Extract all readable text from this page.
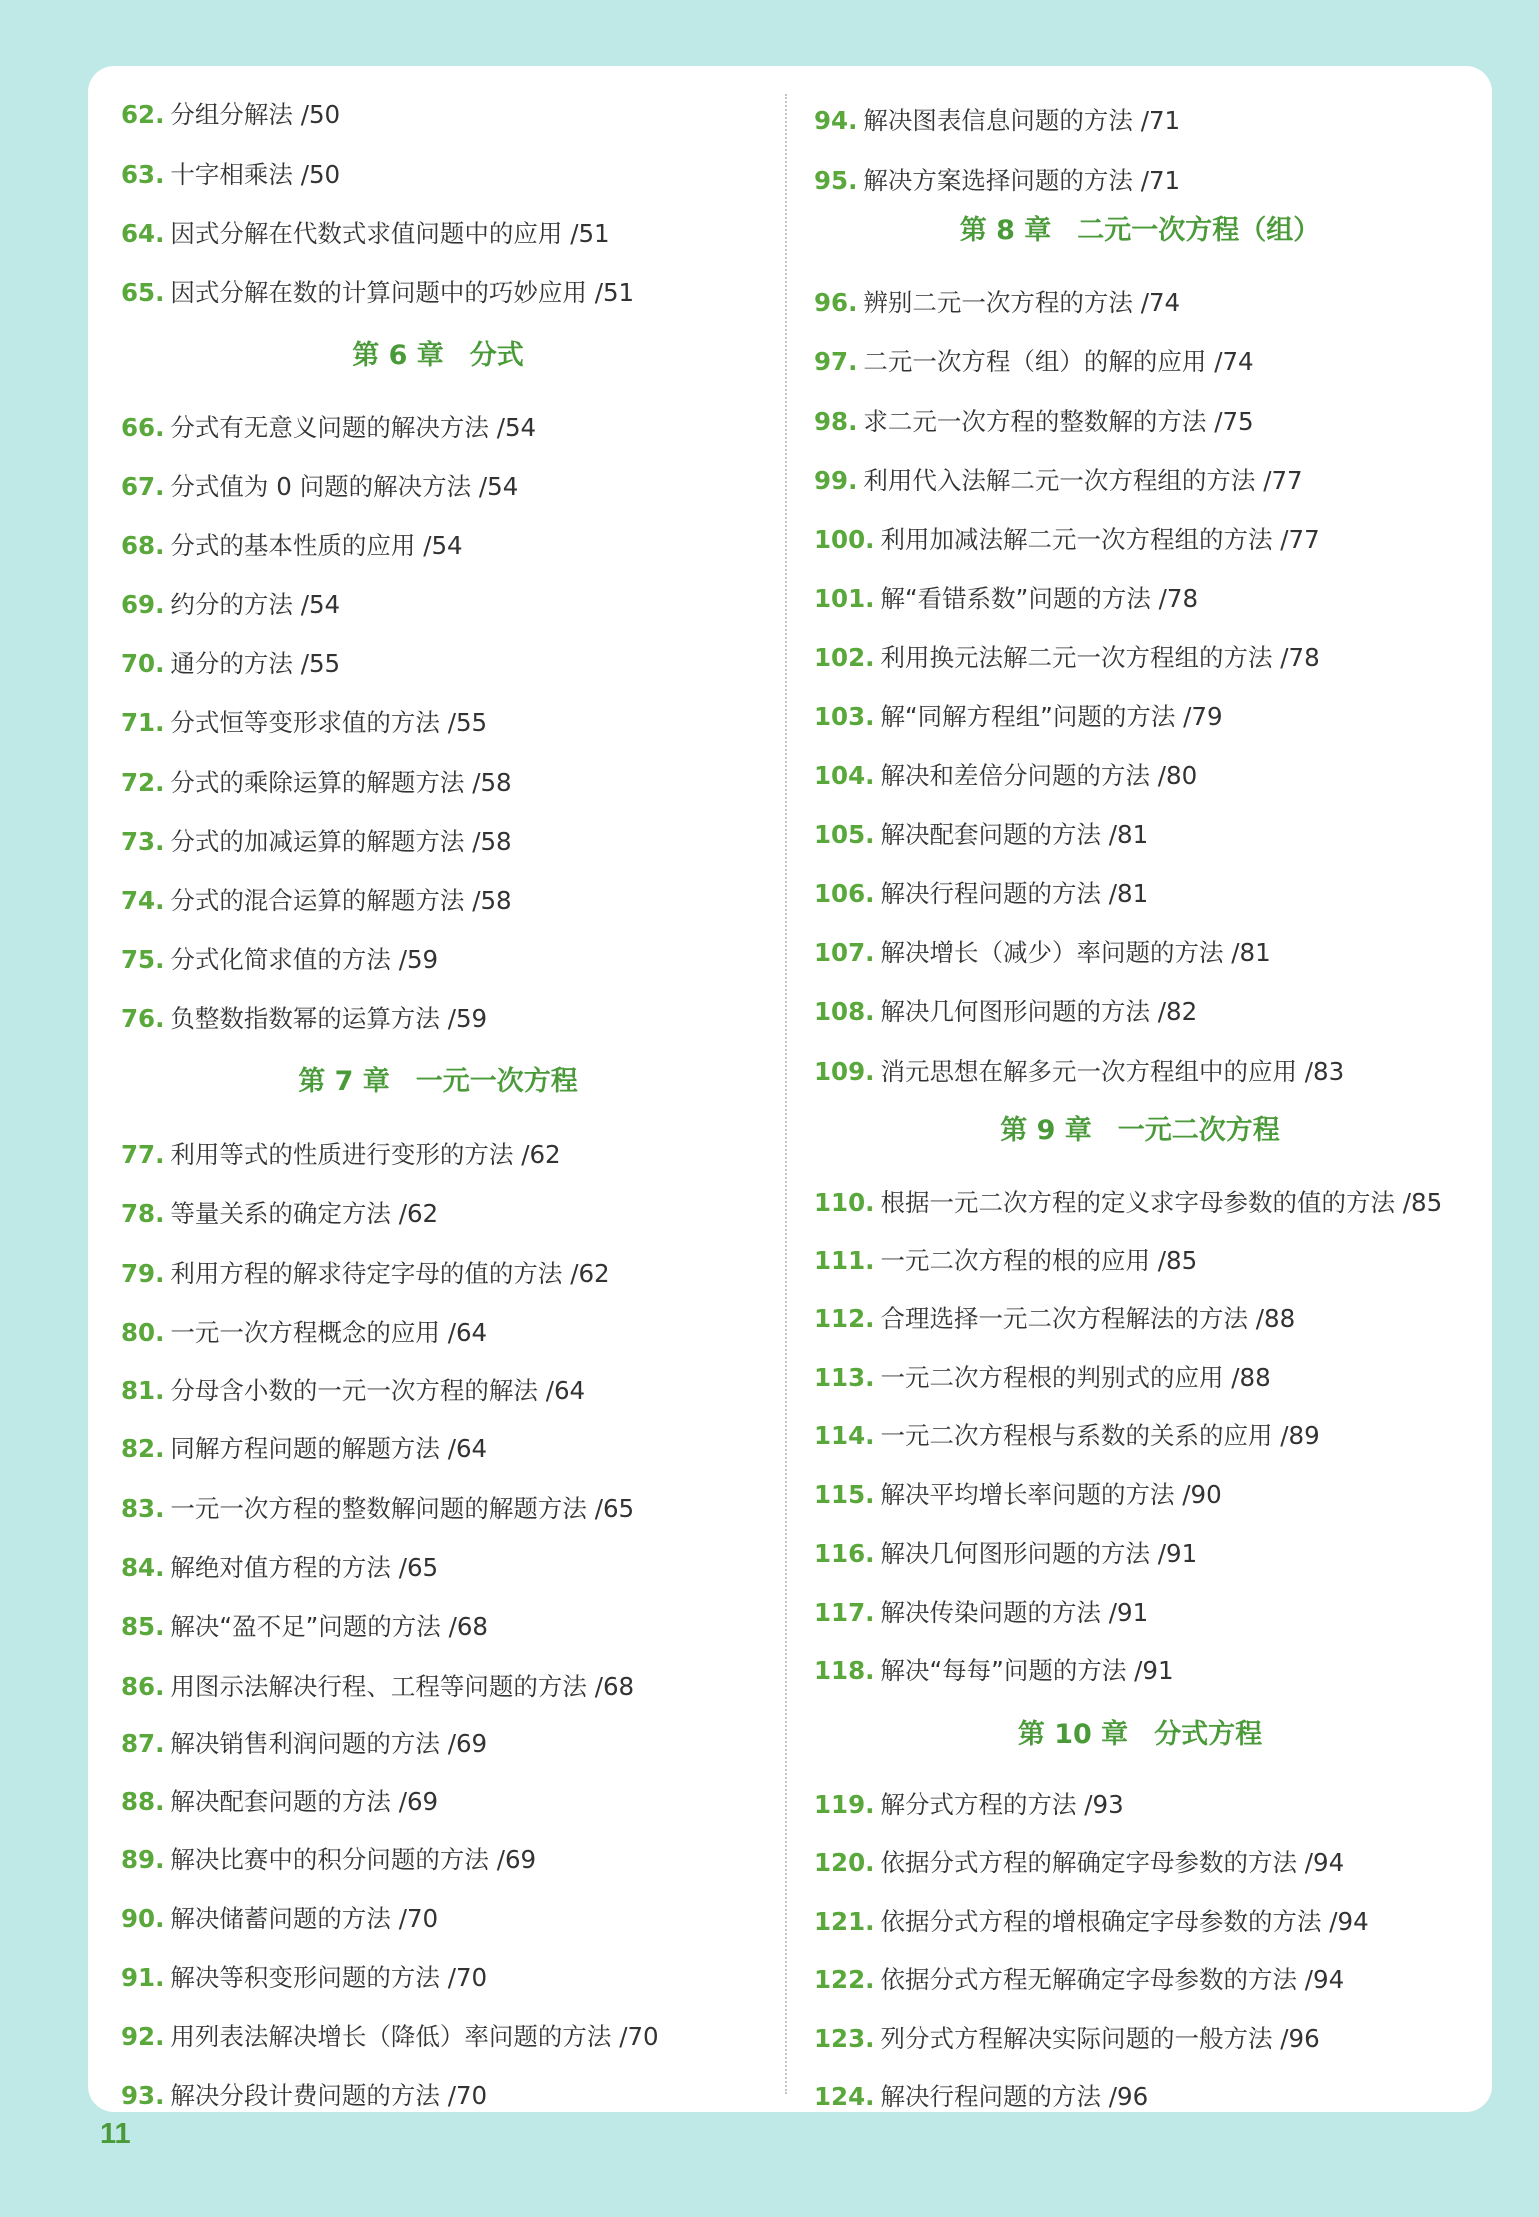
62. 分组分解法 /50
63. 十字相乘法 /50
64. 因式分解在代数式求值问题中的应用 /51
65. 因式分解在数的计算问题中的巧妙应用 /51
第 6 章 分式
66. 分式有无意义问题的解决方法 /54
67. 分式值为 0 问题的解决方法 /54
68. 分式的基本性质的应用 /54
69. 约分的方法 /54
70. 通分的方法 /55
71. 分式恒等变形求值的方法 /55
72. 分式的乘除运算的解题方法 /58
73. 分式的加减运算的解题方法 /58
74. 分式的混合运算的解题方法 /58
75. 分式化简求值的方法 /59
76. 负整数指数幂的运算方法 /59
第 7 章 一元一次方程
77. 利用等式的性质进行变形的方法 /62
78. 等量关系的确定方法 /62
79. 利用方程的解求待定字母的值的方法 /62
80. 一元一次方程概念的应用 /64
81. 分母含小数的一元一次方程的解法 /64
82. 同解方程问题的解题方法 /64
83. 一元一次方程的整数解问题的解题方法 /65
84. 解绝对值方程的方法 /65
85. 解决“盈不足”问题的方法 /68
86. 用图示法解决行程、工程等问题的方法 /68
87. 解决销售利润问题的方法 /69
88. 解决配套问题的方法 /69
89. 解决比赛中的积分问题的方法 /69
90. 解决储蓄问题的方法 /70
91. 解决等积变形问题的方法 /70
92. 用列表法解决增长（降低）率问题的方法 /70
93. 解决分段计费问题的方法 /70
94. 解决图表信息问题的方法 /71
95. 解决方案选择问题的方法 /71
第 8 章 二元一次方程（组）
96. 辨别二元一次方程的方法 /74
97. 二元一次方程（组）的解的应用 /74
98. 求二元一次方程的整数解的方法 /75
99. 利用代入法解二元一次方程组的方法 /77
100. 利用加减法解二元一次方程组的方法 /77
101. 解“看错系数”问题的方法 /78
102. 利用换元法解二元一次方程组的方法 /78
103. 解“同解方程组”问题的方法 /79
104. 解决和差倍分问题的方法 /80
105. 解决配套问题的方法 /81
106. 解决行程问题的方法 /81
107. 解决增长（减少）率问题的方法 /81
108. 解决几何图形问题的方法 /82
109. 消元思想在解多元一次方程组中的应用 /83
第 9 章 一元二次方程
110. 根据一元二次方程的定义求字母参数的值的方法 /85
111. 一元二次方程的根的应用 /85
112. 合理选择一元二次方程解法的方法 /88
113. 一元二次方程根的判别式的应用 /88
114. 一元二次方程根与系数的关系的应用 /89
115. 解决平均增长率问题的方法 /90
116. 解决几何图形问题的方法 /91
117. 解决传染问题的方法 /91
118. 解决“每每”问题的方法 /91
第 10 章 分式方程
119. 解分式方程的方法 /93
120. 依据分式方程的解确定字母参数的方法 /94
121. 依据分式方程的增根确定字母参数的方法 /94
122. 依据分式方程无解确定字母参数的方法 /94
123. 列分式方程解决实际问题的一般方法 /96
124. 解决行程问题的方法 /96
11
